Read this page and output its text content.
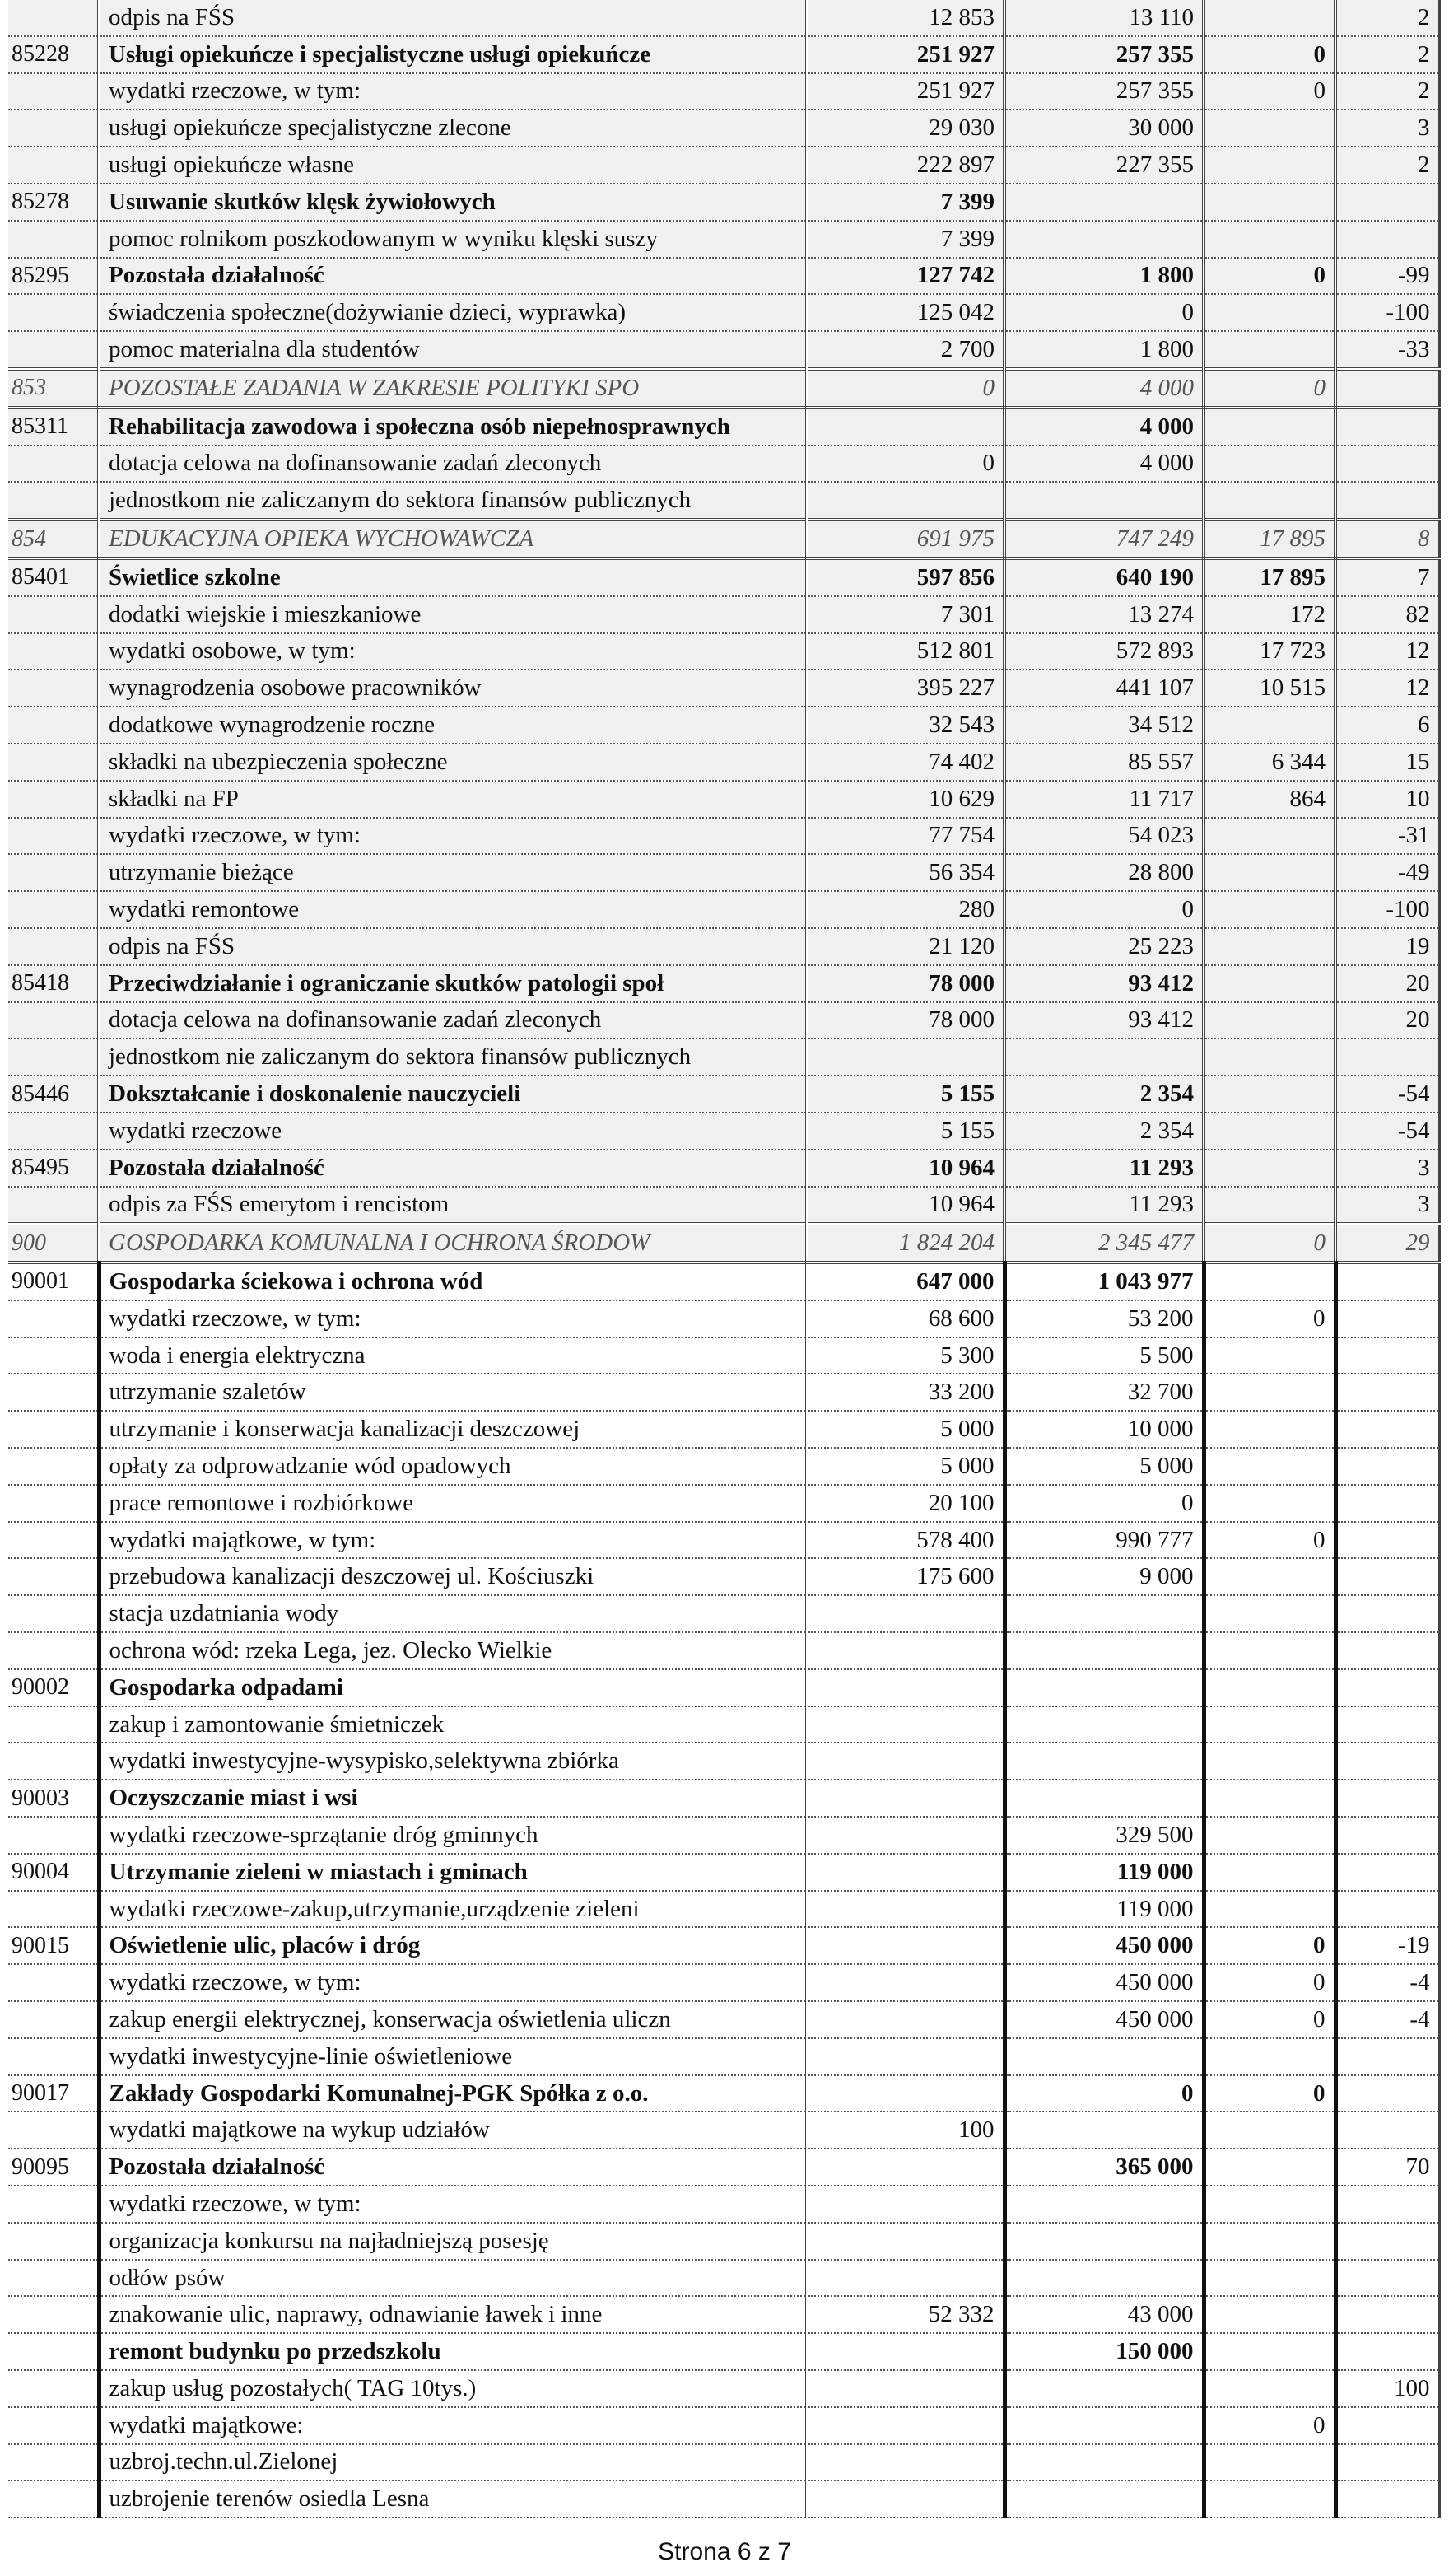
	odpis na FŚS	12 853	13 110		2
85228	Usługi opiekuńcze i specjalistyczne usługi opiekuńcze	251 927	257 355	0	2
	wydatki rzeczowe, w tym:	251 927	257 355	0	2
	usługi opiekuńcze specjalistyczne zlecone	29 030	30 000		3
	usługi opiekuńcze własne	222 897	227 355		2
85278	Usuwanie skutków klęsk żywiołowych	7 399			
	pomoc rolnikom poszkodowanym w wyniku klęski suszy	7 399			
85295	Pozostała działalność	127 742	1 800	0	-99
	świadczenia społeczne(dożywianie dzieci, wyprawka)	125 042	0		-100
	pomoc materialna dla studentów	2 700	1 800		-33
853	POZOSTAŁE ZADANIA W ZAKRESIE POLITYKI SPO	0	4 000	0	
85311	Rehabilitacja zawodowa i społeczna osób niepełnosprawnych		4 000		
	dotacja celowa na dofinansowanie zadań zleconych	0	4 000		
	jednostkom nie zaliczanym do sektora finansów publicznych				
854	EDUKACYJNA OPIEKA WYCHOWAWCZA	691 975	747 249	17 895	8
85401	Świetlice szkolne	597 856	640 190	17 895	7
	dodatki wiejskie i mieszkaniowe	7 301	13 274	172	82
	wydatki osobowe, w tym:	512 801	572 893	17 723	12
	wynagrodzenia osobowe pracowników	395 227	441 107	10 515	12
	dodatkowe wynagrodzenie roczne	32 543	34 512		6
	składki na ubezpieczenia społeczne	74 402	85 557	6 344	15
	składki na FP	10 629	11 717	864	10
	wydatki rzeczowe, w tym:	77 754	54 023		-31
	utrzymanie bieżące	56 354	28 800		-49
	wydatki remontowe	280	0		-100
	odpis na FŚS	21 120	25 223		19
85418	Przeciwdziałanie i ograniczanie skutków patologii społ	78 000	93 412		20
	dotacja celowa na dofinansowanie zadań zleconych	78 000	93 412		20
	jednostkom nie zaliczanym do sektora finansów publicznych				
85446	Dokształcanie i doskonalenie nauczycieli	5 155	2 354		-54
	wydatki rzeczowe	5 155	2 354		-54
85495	Pozostała działalność	10 964	11 293		3
	odpis za FŚS emerytom i rencistom	10 964	11 293		3
900	GOSPODARKA KOMUNALNA I OCHRONA ŚRODOW	1 824 204	2 345 477	0	29
90001	Gospodarka ściekowa i ochrona wód	647 000	1 043 977		
	wydatki rzeczowe, w tym:	68 600	53 200	0	
	woda i energia elektryczna	5 300	5 500		
	utrzymanie szaletów	33 200	32 700		
	utrzymanie i konserwacja kanalizacji deszczowej	5 000	10 000		
	opłaty za odprowadzanie wód opadowych	5 000	5 000		
	prace remontowe i rozbiórkowe	20 100	0		
	wydatki majątkowe, w tym:	578 400	990 777	0	
	przebudowa kanalizacji deszczowej ul. Kościuszki	175 600	9 000		
	stacja uzdatniania wody				
	ochrona wód: rzeka Lega, jez. Olecko Wielkie				
90002	Gospodarka odpadami				
	zakup i zamontowanie śmietniczek				
	wydatki inwestycyjne-wysypisko,selektywna zbiórka				
90003	Oczyszczanie miast i wsi				
	wydatki rzeczowe-sprzątanie dróg gminnych		329 500		
90004	Utrzymanie zieleni w miastach i gminach		119 000		
	wydatki rzeczowe-zakup,utrzymanie,urządzenie zieleni		119 000		
90015	Oświetlenie ulic, placów i dróg		450 000	0	-19
	wydatki rzeczowe, w tym:		450 000	0	-4
	zakup energii elektrycznej, konserwacja oświetlenia uliczn		450 000	0	-4
	wydatki inwestycyjne-linie oświetleniowe				
90017	Zakłady Gospodarki Komunalnej-PGK Spółka z o.o.		0	0	
	wydatki majątkowe na wykup udziałów	100			
90095	Pozostała działalność		365 000		70
	wydatki rzeczowe, w tym:				
	organizacja konkursu na najładniejszą posesję				
	odłów psów				
	znakowanie ulic, naprawy, odnawianie ławek i inne	52 332	43 000		
	remont budynku po przedszkolu		150 000		
	zakup usług pozostałych( TAG 10tys.)				100
	wydatki majątkowe:			0	
	uzbroj.techn.ul.Zielonej				
	uzbrojenie terenów osiedla Lesna				
Strona 6 z 7
